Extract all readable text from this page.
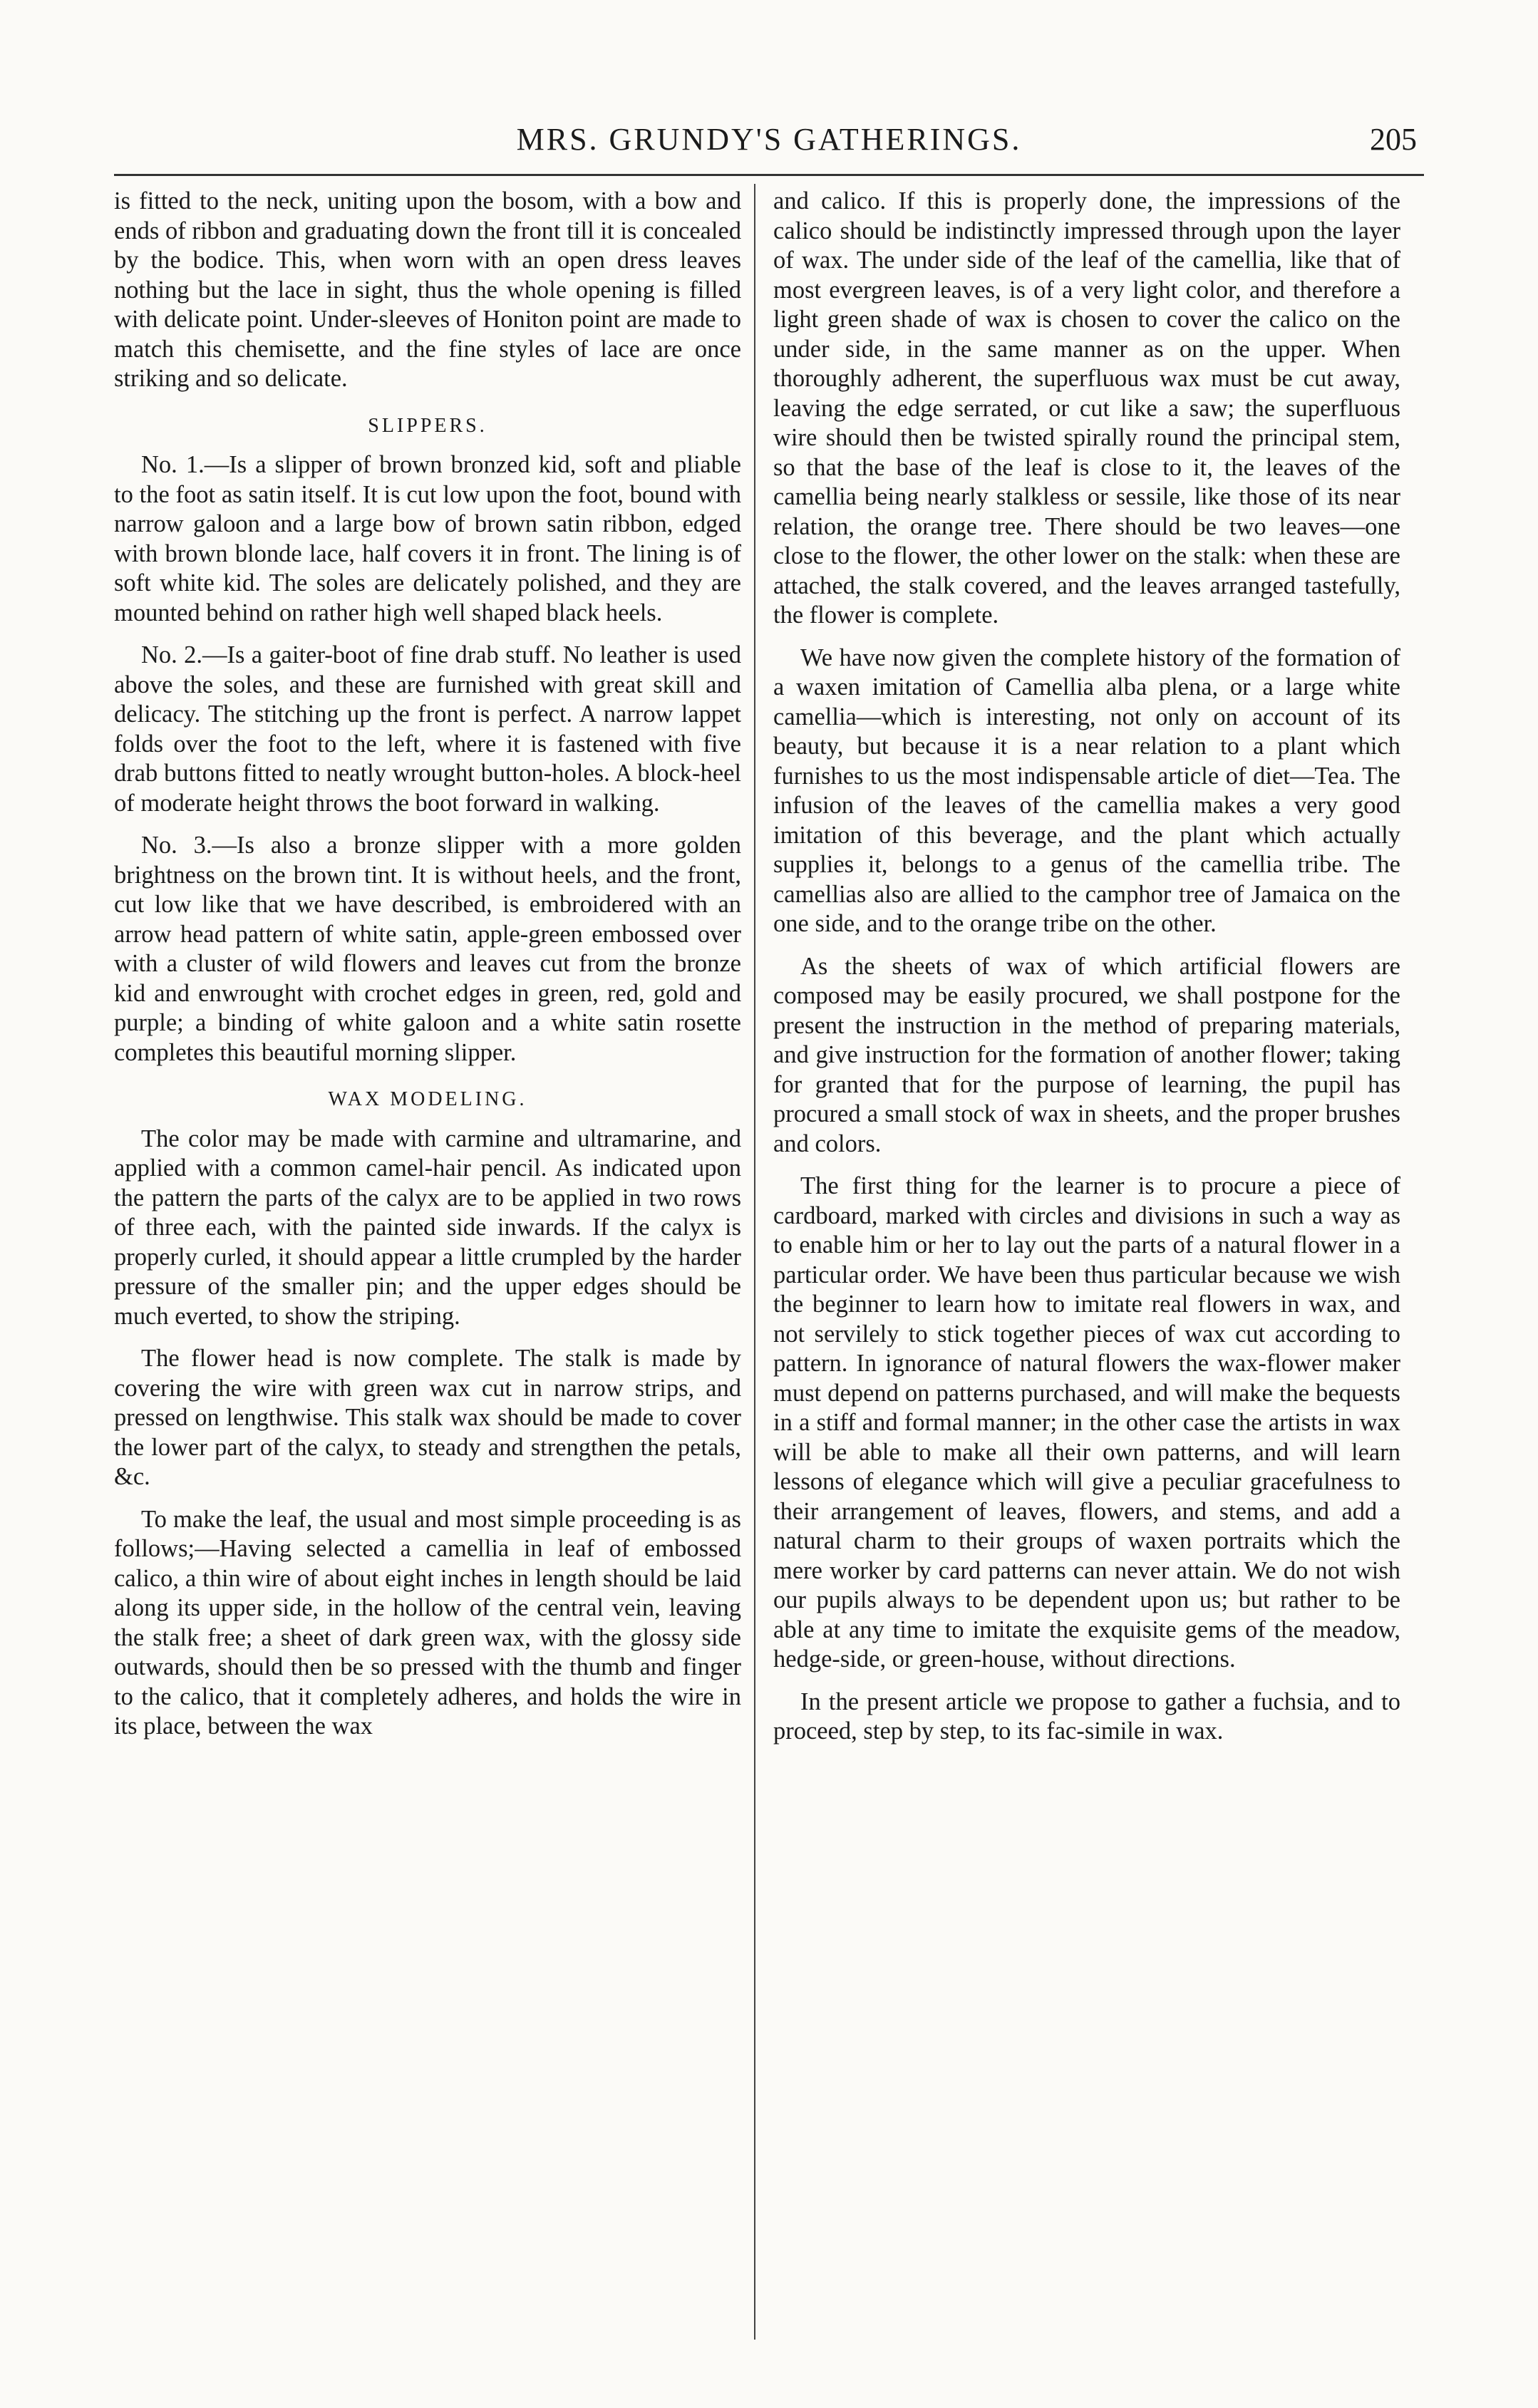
MRS. GRUNDY'S GATHERINGS.	205

is fitted to the neck, uniting upon the bosom, with a bow and ends of ribbon and graduating down the front till it is concealed by the bodice. This, when worn with an open dress leaves nothing but the lace in sight, thus the whole opening is filled with delicate point. Under-sleeves of Honiton point are made to match this chemisette, and the fine styles of lace are once striking and so delicate.

SLIPPERS.

No. 1.—Is a slipper of brown bronzed kid, soft and pliable to the foot as satin itself. It is cut low upon the foot, bound with narrow galoon and a large bow of brown satin ribbon, edged with brown blonde lace, half covers it in front. The lining is of soft white kid. The soles are delicately polished, and they are mounted behind on rather high well shaped black heels.

No. 2.—Is a gaiter-boot of fine drab stuff. No leather is used above the soles, and these are furnished with great skill and delicacy. The stitching up the front is perfect. A narrow lappet folds over the foot to the left, where it is fastened with five drab buttons fitted to neatly wrought button-holes. A block-heel of moderate height throws the boot forward in walking.

No. 3.—Is also a bronze slipper with a more golden brightness on the brown tint. It is without heels, and the front, cut low like that we have described, is embroidered with an arrow head pattern of white satin, apple-green embossed over with a cluster of wild flowers and leaves cut from the bronze kid and enwrought with crochet edges in green, red, gold and purple; a binding of white galoon and a white satin rosette completes this beautiful morning slipper.

WAX MODELING.

The color may be made with carmine and ultramarine, and applied with a common camel-hair pencil. As indicated upon the pattern the parts of the calyx are to be applied in two rows of three each, with the painted side inwards. If the calyx is properly curled, it should appear a little crumpled by the harder pressure of the smaller pin; and the upper edges should be much everted, to show the striping.

The flower head is now complete. The stalk is made by covering the wire with green wax cut in narrow strips, and pressed on lengthwise. This stalk wax should be made to cover the lower part of the calyx, to steady and strengthen the petals, &c.

To make the leaf, the usual and most simple proceeding is as follows;—Having selected a camellia in leaf of embossed calico, a thin wire of about eight inches in length should be laid along its upper side, in the hollow of the central vein, leaving the stalk free; a sheet of dark green wax, with the glossy side outwards, should then be so pressed with the thumb and finger to the calico, that it completely adheres, and holds the wire in its place, between the wax

and calico. If this is properly done, the impressions of the calico should be indistinctly impressed through upon the layer of wax. The under side of the leaf of the camellia, like that of most evergreen leaves, is of a very light color, and therefore a light green shade of wax is chosen to cover the calico on the under side, in the same manner as on the upper. When thoroughly adherent, the superfluous wax must be cut away, leaving the edge serrated, or cut like a saw; the superfluous wire should then be twisted spirally round the principal stem, so that the base of the leaf is close to it, the leaves of the camellia being nearly stalkless or sessile, like those of its near relation, the orange tree. There should be two leaves—one close to the flower, the other lower on the stalk: when these are attached, the stalk covered, and the leaves arranged tastefully, the flower is complete.

We have now given the complete history of the formation of a waxen imitation of Camellia alba plena, or a large white camellia—which is interesting, not only on account of its beauty, but because it is a near relation to a plant which furnishes to us the most indispensable article of diet—Tea. The infusion of the leaves of the camellia makes a very good imitation of this beverage, and the plant which actually supplies it, belongs to a genus of the camellia tribe. The camellias also are allied to the camphor tree of Jamaica on the one side, and to the orange tribe on the other.

As the sheets of wax of which artificial flowers are composed may be easily procured, we shall postpone for the present the instruction in the method of preparing materials, and give instruction for the formation of another flower; taking for granted that for the purpose of learning, the pupil has procured a small stock of wax in sheets, and the proper brushes and colors.

The first thing for the learner is to procure a piece of cardboard, marked with circles and divisions in such a way as to enable him or her to lay out the parts of a natural flower in a particular order. We have been thus particular because we wish the beginner to learn how to imitate real flowers in wax, and not servilely to stick together pieces of wax cut according to pattern. In ignorance of natural flowers the wax-flower maker must depend on patterns purchased, and will make the bequests in a stiff and formal manner; in the other case the artists in wax will be able to make all their own patterns, and will learn lessons of elegance which will give a peculiar gracefulness to their arrangement of leaves, flowers, and stems, and add a natural charm to their groups of waxen portraits which the mere worker by card patterns can never attain. We do not wish our pupils always to be dependent upon us; but rather to be able at any time to imitate the exquisite gems of the meadow, hedge-side, or green-house, without directions.

In the present article we propose to gather a fuchsia, and to proceed, step by step, to its fac-simile in wax.
